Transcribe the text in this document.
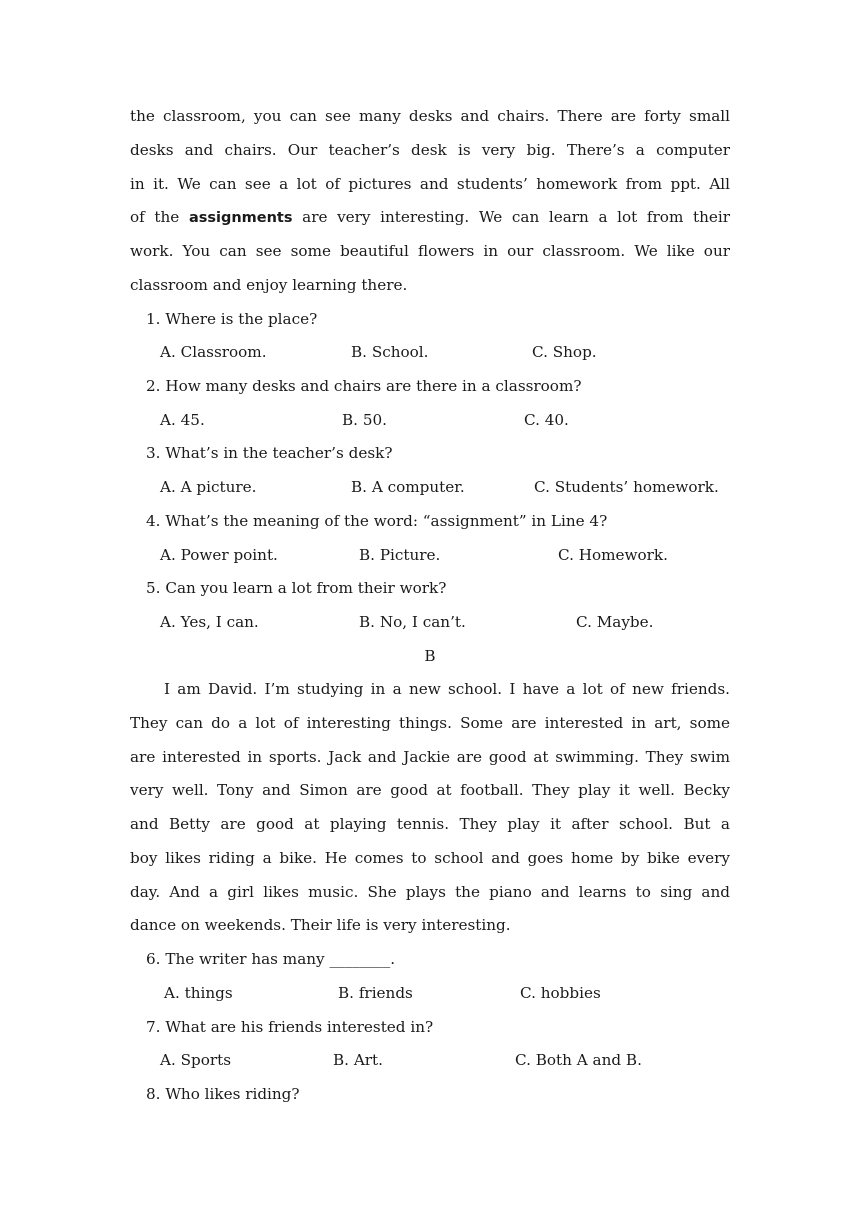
the classroom, you can see many desks and chairs. There are forty small
desks and chairs. Our teacher’s desk is very big. There’s a computer
in it. We can see a lot of pictures and students’ homework from ppt. All
of the assignments are very interesting. We can learn a lot from their
work. You can see some beautiful flowers in our classroom. We like our
classroom and enjoy learning there.
1. Where is the place?
A. Classroom.	B. School.	C. Shop.
2. How many desks and chairs are there in a classroom?
A. 45.	B. 50.	C. 40.
3. What’s in the teacher’s desk?
A. A picture.	B. A computer.	C. Students’ homework.
4. What’s the meaning of the word: “assignment” in Line 4?
A. Power point.	B. Picture.	C. Homework.
5. Can you learn a lot from their work?
A. Yes, I can.	B. No, I can’t.	C. Maybe.
B
I am David. I’m studying in a new school. I have a lot of new friends.
They can do a lot of interesting things. Some are interested in art, some
are interested in sports. Jack and Jackie are good at swimming. They swim
very well. Tony and Simon are good at football. They play it well. Becky
and Betty are good at playing tennis. They play it after school. But a
boy likes riding a bike. He comes to school and goes home by bike every
day. And a girl likes music. She plays the piano and learns to sing and
dance on weekends. Their life is very interesting.
6. The writer has many ________.
A. things	B. friends	C. hobbies
7. What are his friends interested in?
A. Sports	B. Art.	C. Both A and B.
8. Who likes riding?
